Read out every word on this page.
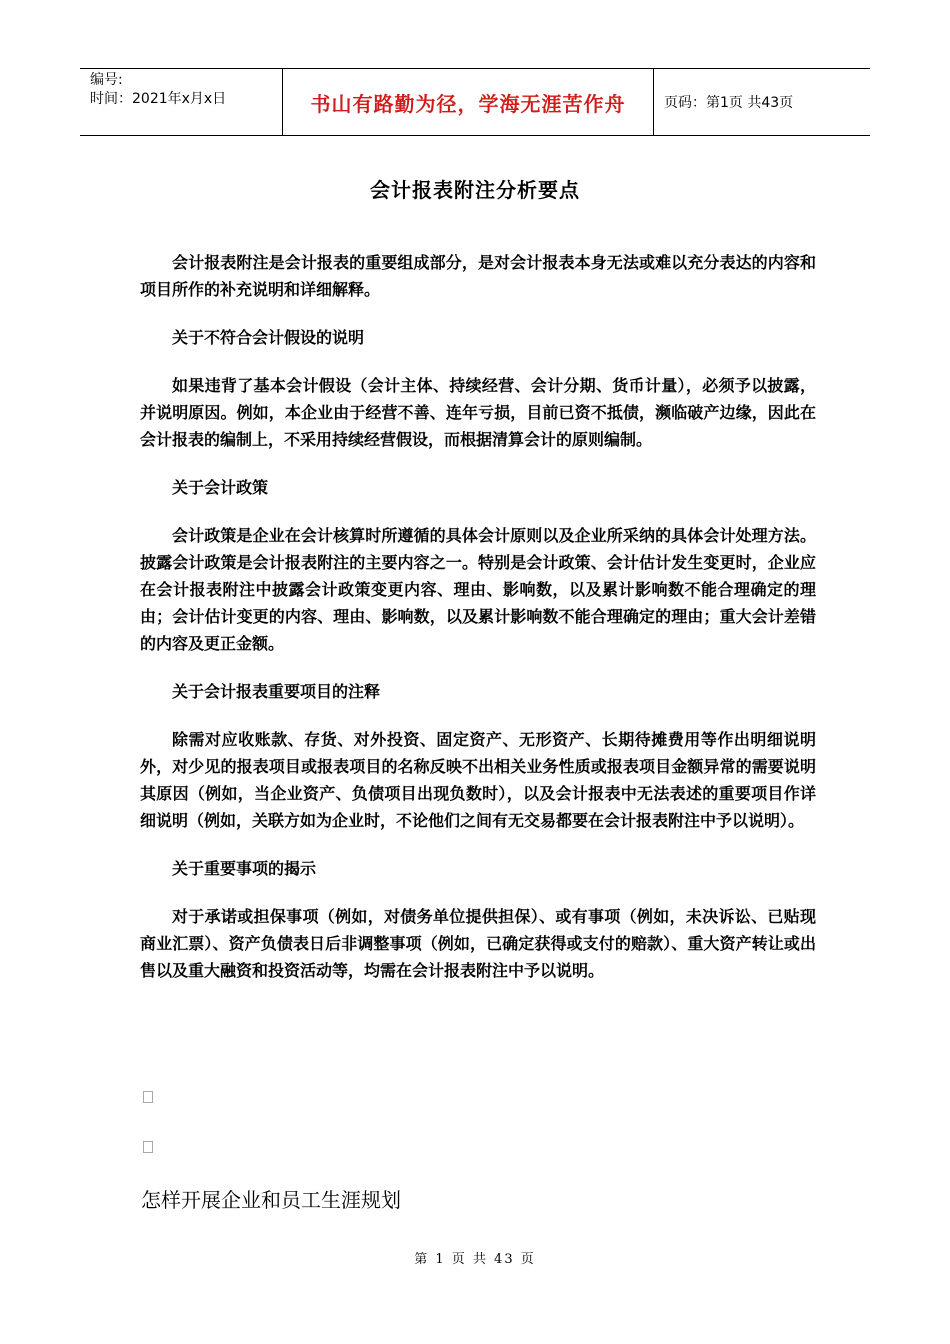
编号:
时间：2021年x月x日	书山有路勤为径，学海无涯苦作舟	页码：第1页 共43页
会计报表附注分析要点

会计报表附注是会计报表的重要组成部分，是对会计报表本身无法或难以充分表达的内容和项目所作的补充说明和详细解释。

关于不符合会计假设的说明

如果违背了基本会计假设（会计主体、持续经营、会计分期、货币计量），必须予以披露，并说明原因。例如，本企业由于经营不善、连年亏损，目前已资不抵债，濒临破产边缘，因此在会计报表的编制上，不采用持续经营假设，而根据清算会计的原则编制。

关于会计政策

会计政策是企业在会计核算时所遵循的具体会计原则以及企业所采纳的具体会计处理方法。披露会计政策是会计报表附注的主要内容之一。特别是会计政策、会计估计发生变更时，企业应在会计报表附注中披露会计政策变更内容、理由、影响数，以及累计影响数不能合理确定的理由；会计估计变更的内容、理由、影响数，以及累计影响数不能合理确定的理由；重大会计差错的内容及更正金额。

关于会计报表重要项目的注释

除需对应收账款、存货、对外投资、固定资产、无形资产、长期待摊费用等作出明细说明外，对少见的报表项目或报表项目的名称反映不出相关业务性质或报表项目金额异常的需要说明其原因（例如，当企业资产、负债项目出现负数时），以及会计报表中无法表述的重要项目作详细说明（例如，关联方如为企业时，不论他们之间有无交易都要在会计报表附注中予以说明）。

关于重要事项的揭示

对于承诺或担保事项（例如，对债务单位提供担保）、或有事项（例如，未决诉讼、已贴现商业汇票）、资产负债表日后非调整事项（例如，已确定获得或支付的赔款）、重大资产转让或出售以及重大融资和投资活动等，均需在会计报表附注中予以说明。

怎样开展企业和员工生涯规划
第 1 页 共 43 页
